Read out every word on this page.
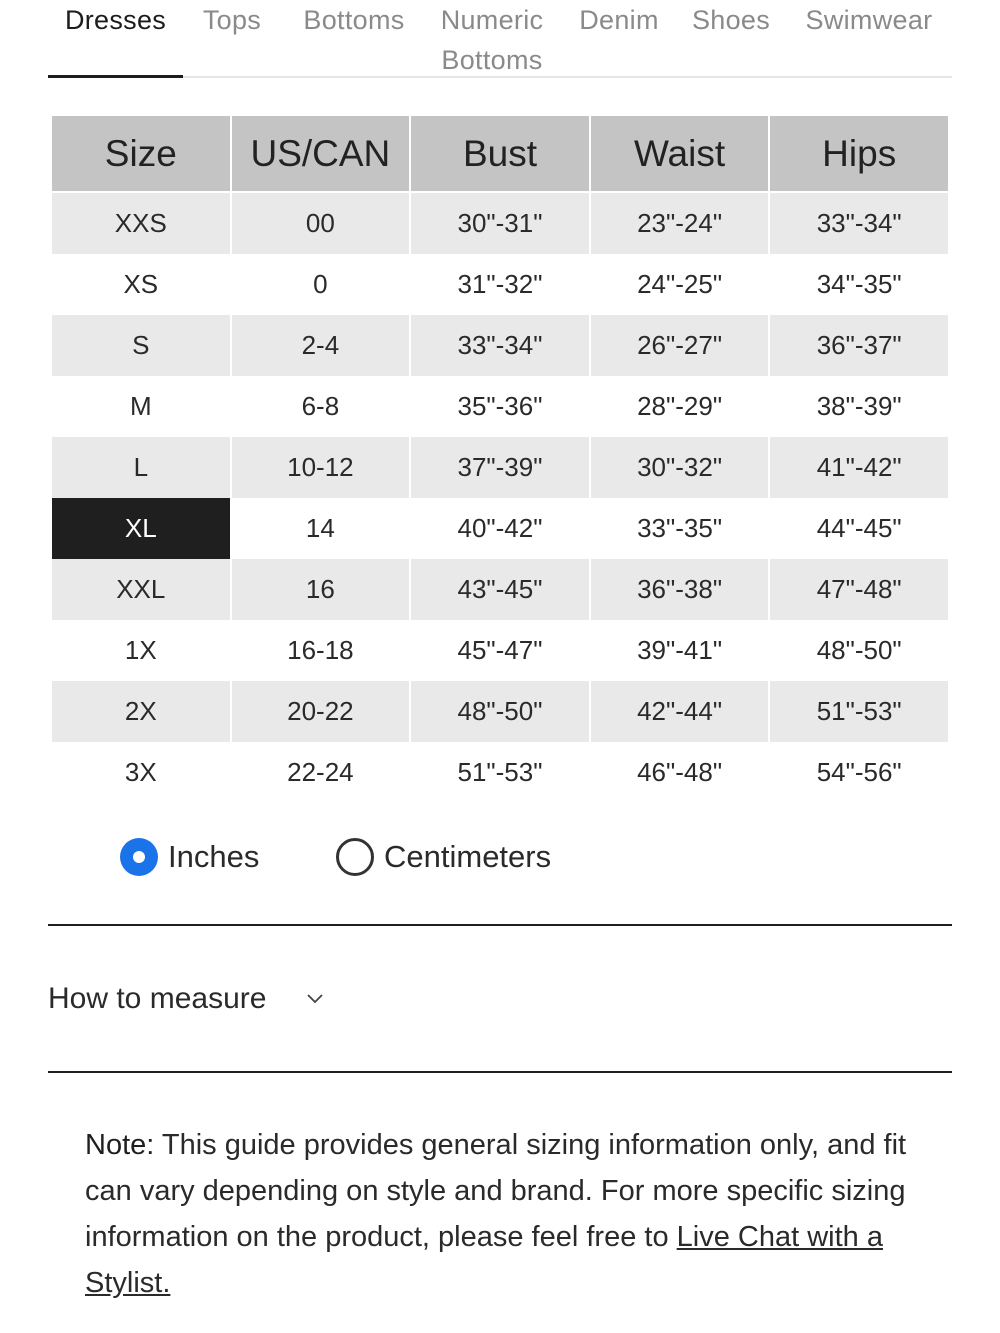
Dresses	Tops Bottoms Numeric Bottoms
Denim Shoes Swimwear
Size	US/CAN	Bust	Waist	Hips
XXS	00	30"-31"	23"-24"	33"-34"
XS	0	31"-32"	24"-25"	34"-35"
S	2-4	33"-34"	26"-27"	36"-37"
M	6-8	35"-36"	28"-29"	38"-39"
L	10-12	37"-39"	30"-32"	41"-42"
XL	14	40"-42"	33"-35"	44"-45"
XXL	16	43"-45"	36"-38"	47"-48"
1X	16-18	45"-47"	39"-41"	48"-50"
2X	20-22	48"-50"	42"-44"	51"-53"
3X	22-24	51"-53"	46"-48"	54"-56"
Inches	Centimeters
How to measure

Note: This guide provides general sizing information only, and fit can vary depending on style and brand. For more specific sizing information on the product, please feel free to Live Chat with a Stylist.
